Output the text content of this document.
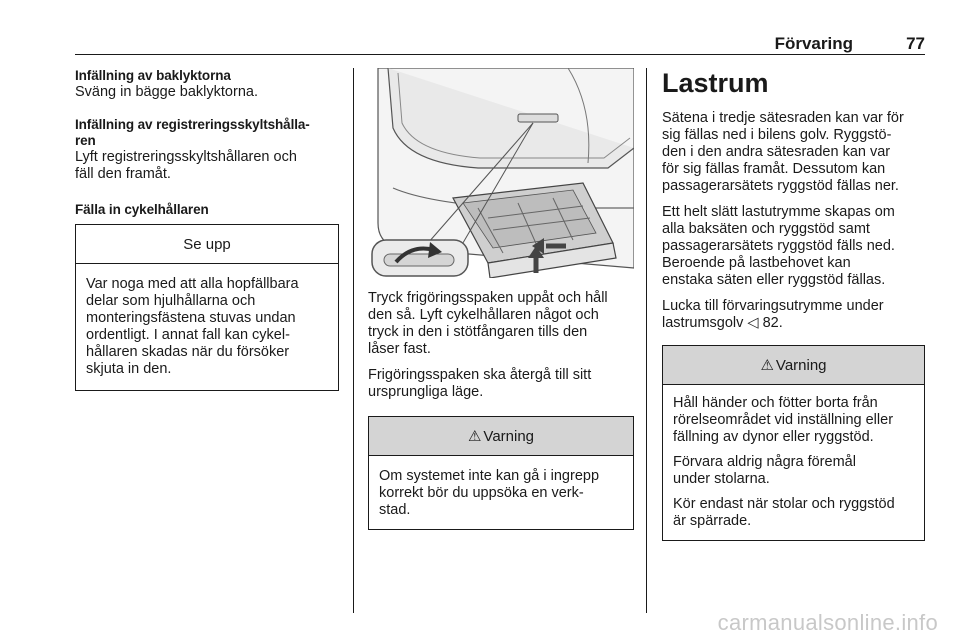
Förvaring	77
Infällning av baklyktorna
Sväng in bägge baklyktorna.
Infällning av registreringsskyltshålla-
ren
Lyft registreringsskyltshållaren och
fäll den framåt.
Fälla in cykelhållaren
Se upp
Var noga med att alla hopfällbara
delar som hjulhållarna och
monteringsfästena stuvas undan
ordentligt. I annat fall kan cykel-
hållaren skadas när du försöker
skjuta in den.
Tryck frigöringsspaken uppåt och håll
den så. Lyft cykelhållaren något och
tryck in den i stötfångaren tills den
låser fast.
Frigöringsspaken ska återgå till sitt
ursprungliga läge.
⚠ Varning
Om systemet inte kan gå i ingrepp
korrekt bör du uppsöka en verk-
stad.
Lastrum
Sätena i tredje sätesraden kan var för
sig fällas ned i bilens golv. Ryggstö-
den i den andra sätesraden kan var
för sig fällas framåt. Dessutom kan
passagerarsätets ryggstöd fällas ner.
Ett helt slätt lastutrymme skapas om
alla baksäten och ryggstöd samt
passagerarsätets ryggstöd fälls ned.
Beroende på lastbehovet kan
enstaka säten eller ryggstöd fällas.
Lucka till förvaringsutrymme under
lastrumsgolv ◁ 82.
⚠ Varning

Håll händer och fötter borta från
rörelseområdet vid inställning eller
fällning av dynor eller ryggstöd.

Förvara aldrig några föremål
under stolarna.

Kör endast när stolar och ryggstöd
är spärrade.

carmanualsonline.info
